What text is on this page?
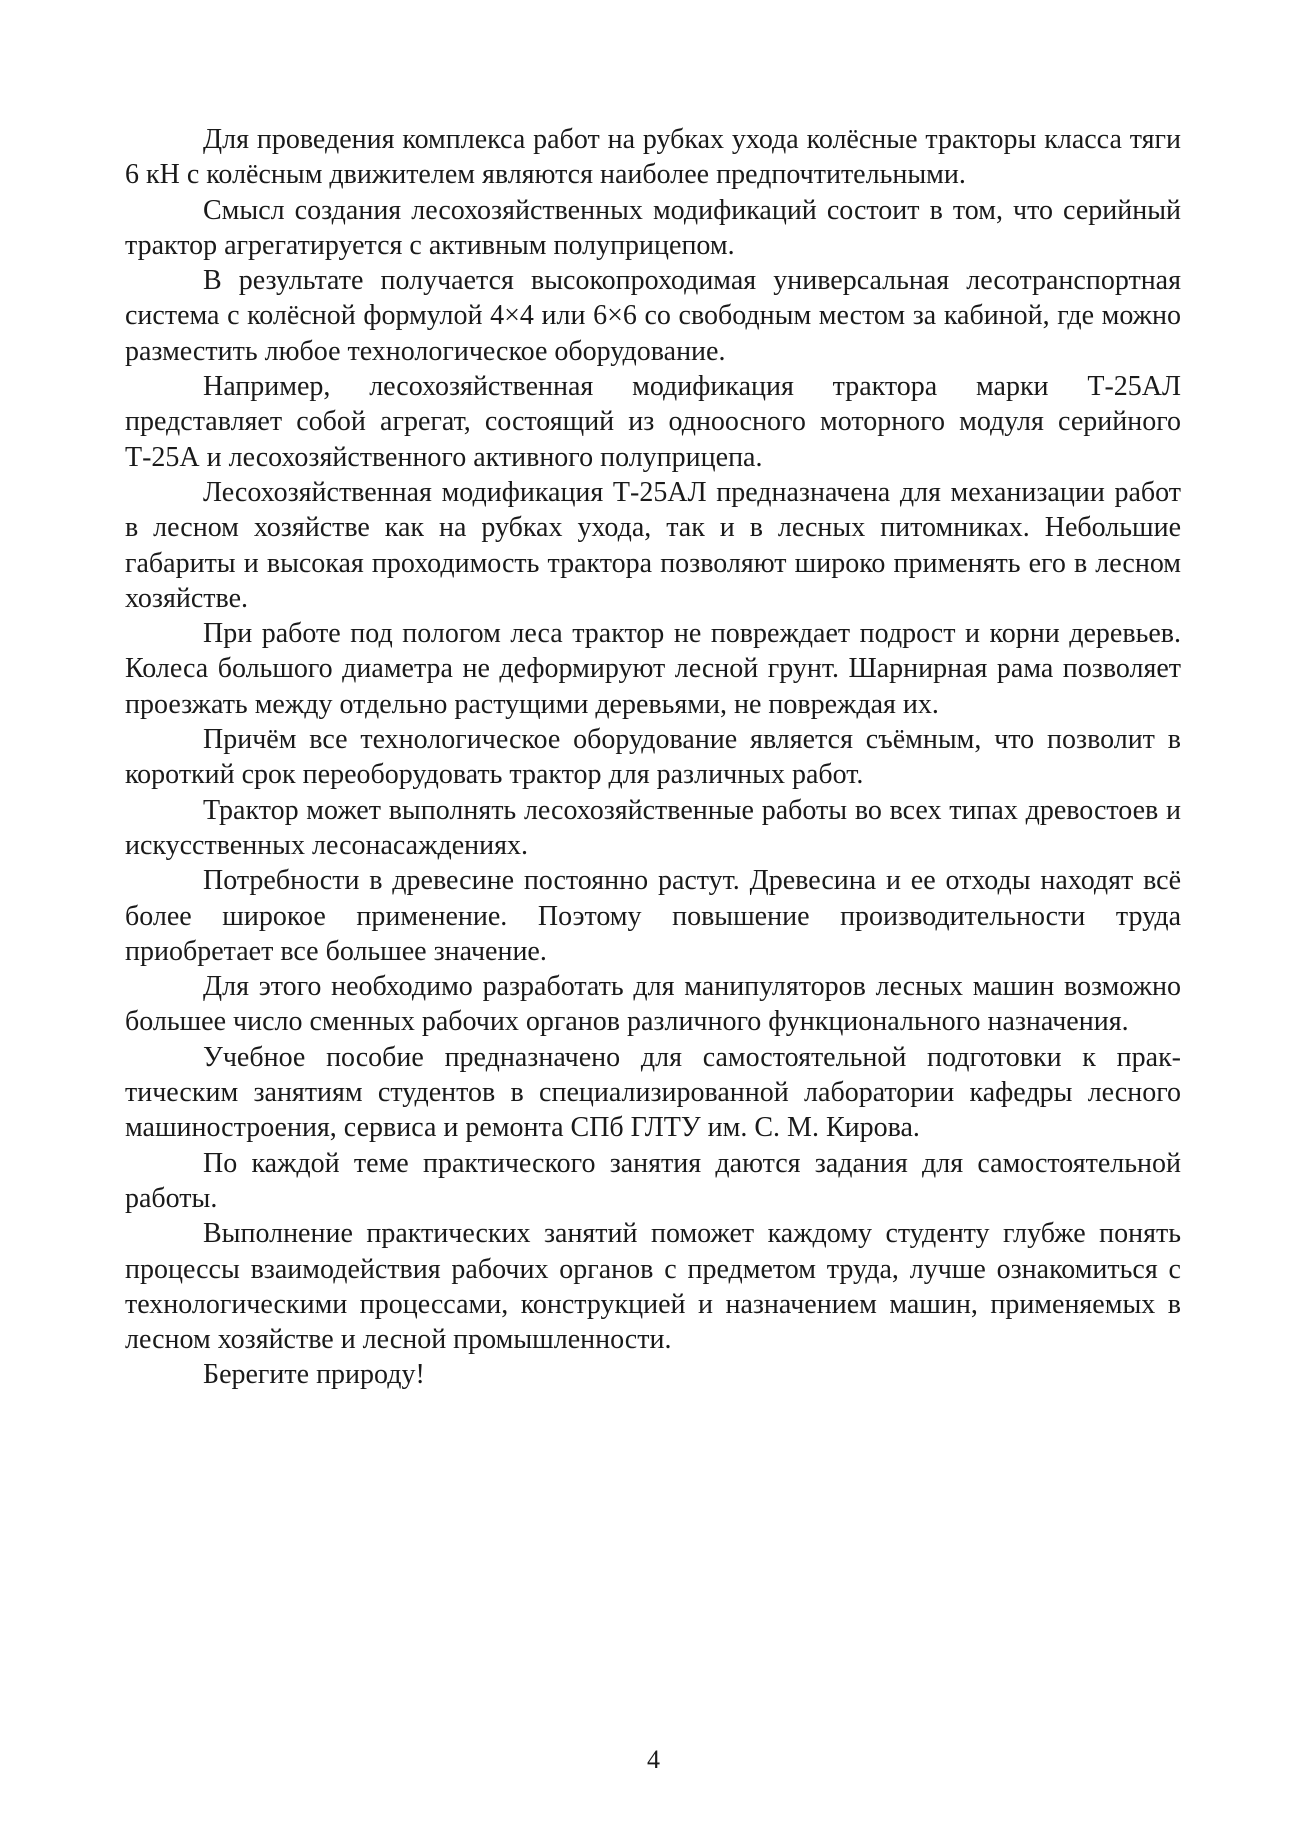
Для проведения комплекса работ на рубках ухода колёсные тракторы класса тяги 6 кН с колёсным движителем являются наиболее предпочтительными.

Смысл создания лесохозяйственных модификаций состоит в том, что серийный трактор агрегатируется с активным полуприцепом.

В результате получается высокопроходимая универсальная лесотранспортная система с колёсной формулой 4×4 или 6×6 со свободным местом за кабиной, где можно разместить любое технологическое оборудование.

Например, лесохозяйственная модификация трактора марки Т-25АЛ представляет собой агрегат, состоящий из одноосного моторного модуля серийного Т-25А и лесохозяйственного активного полуприцепа.

Лесохозяйственная модификация Т-25АЛ предназначена для механизации работ в лесном хозяйстве как на рубках ухода, так и в лесных питомниках. Небольшие габариты и высокая проходимость трактора позволяют широко применять его в лесном хозяйстве.

При работе под пологом леса трактор не повреждает подрост и корни деревьев. Колеса большого диаметра не деформируют лесной грунт. Шарнирная рама позволяет проезжать между отдельно растущими деревьями, не повреждая их.

Причём все технологическое оборудование является съёмным, что позволит в короткий срок переоборудовать трактор для различных работ.

Трактор может выполнять лесохозяйственные работы во всех типах древостоев и искусственных лесонасаждениях.

Потребности в древесине постоянно растут. Древесина и ее отходы находят всё более широкое применение. Поэтому повышение производительности труда приобретает все большее значение.

Для этого необходимо разработать для манипуляторов лесных машин возможно большее число сменных рабочих органов различного функционального назначения.

Учебное пособие предназначено для самостоятельной подготовки к практическим занятиям студентов в специализированной лаборатории кафедры лесного машиностроения, сервиса и ремонта СПб ГЛТУ им. С. М. Кирова.

По каждой теме практического занятия даются задания для самостоятельной работы.

Выполнение практических занятий поможет каждому студенту глубже понять процессы взаимодействия рабочих органов с предметом труда, лучше ознакомиться с технологическими процессами, конструкцией и назначением машин, применяемых в лесном хозяйстве и лесной промышленности.

Берегите природу!

4
